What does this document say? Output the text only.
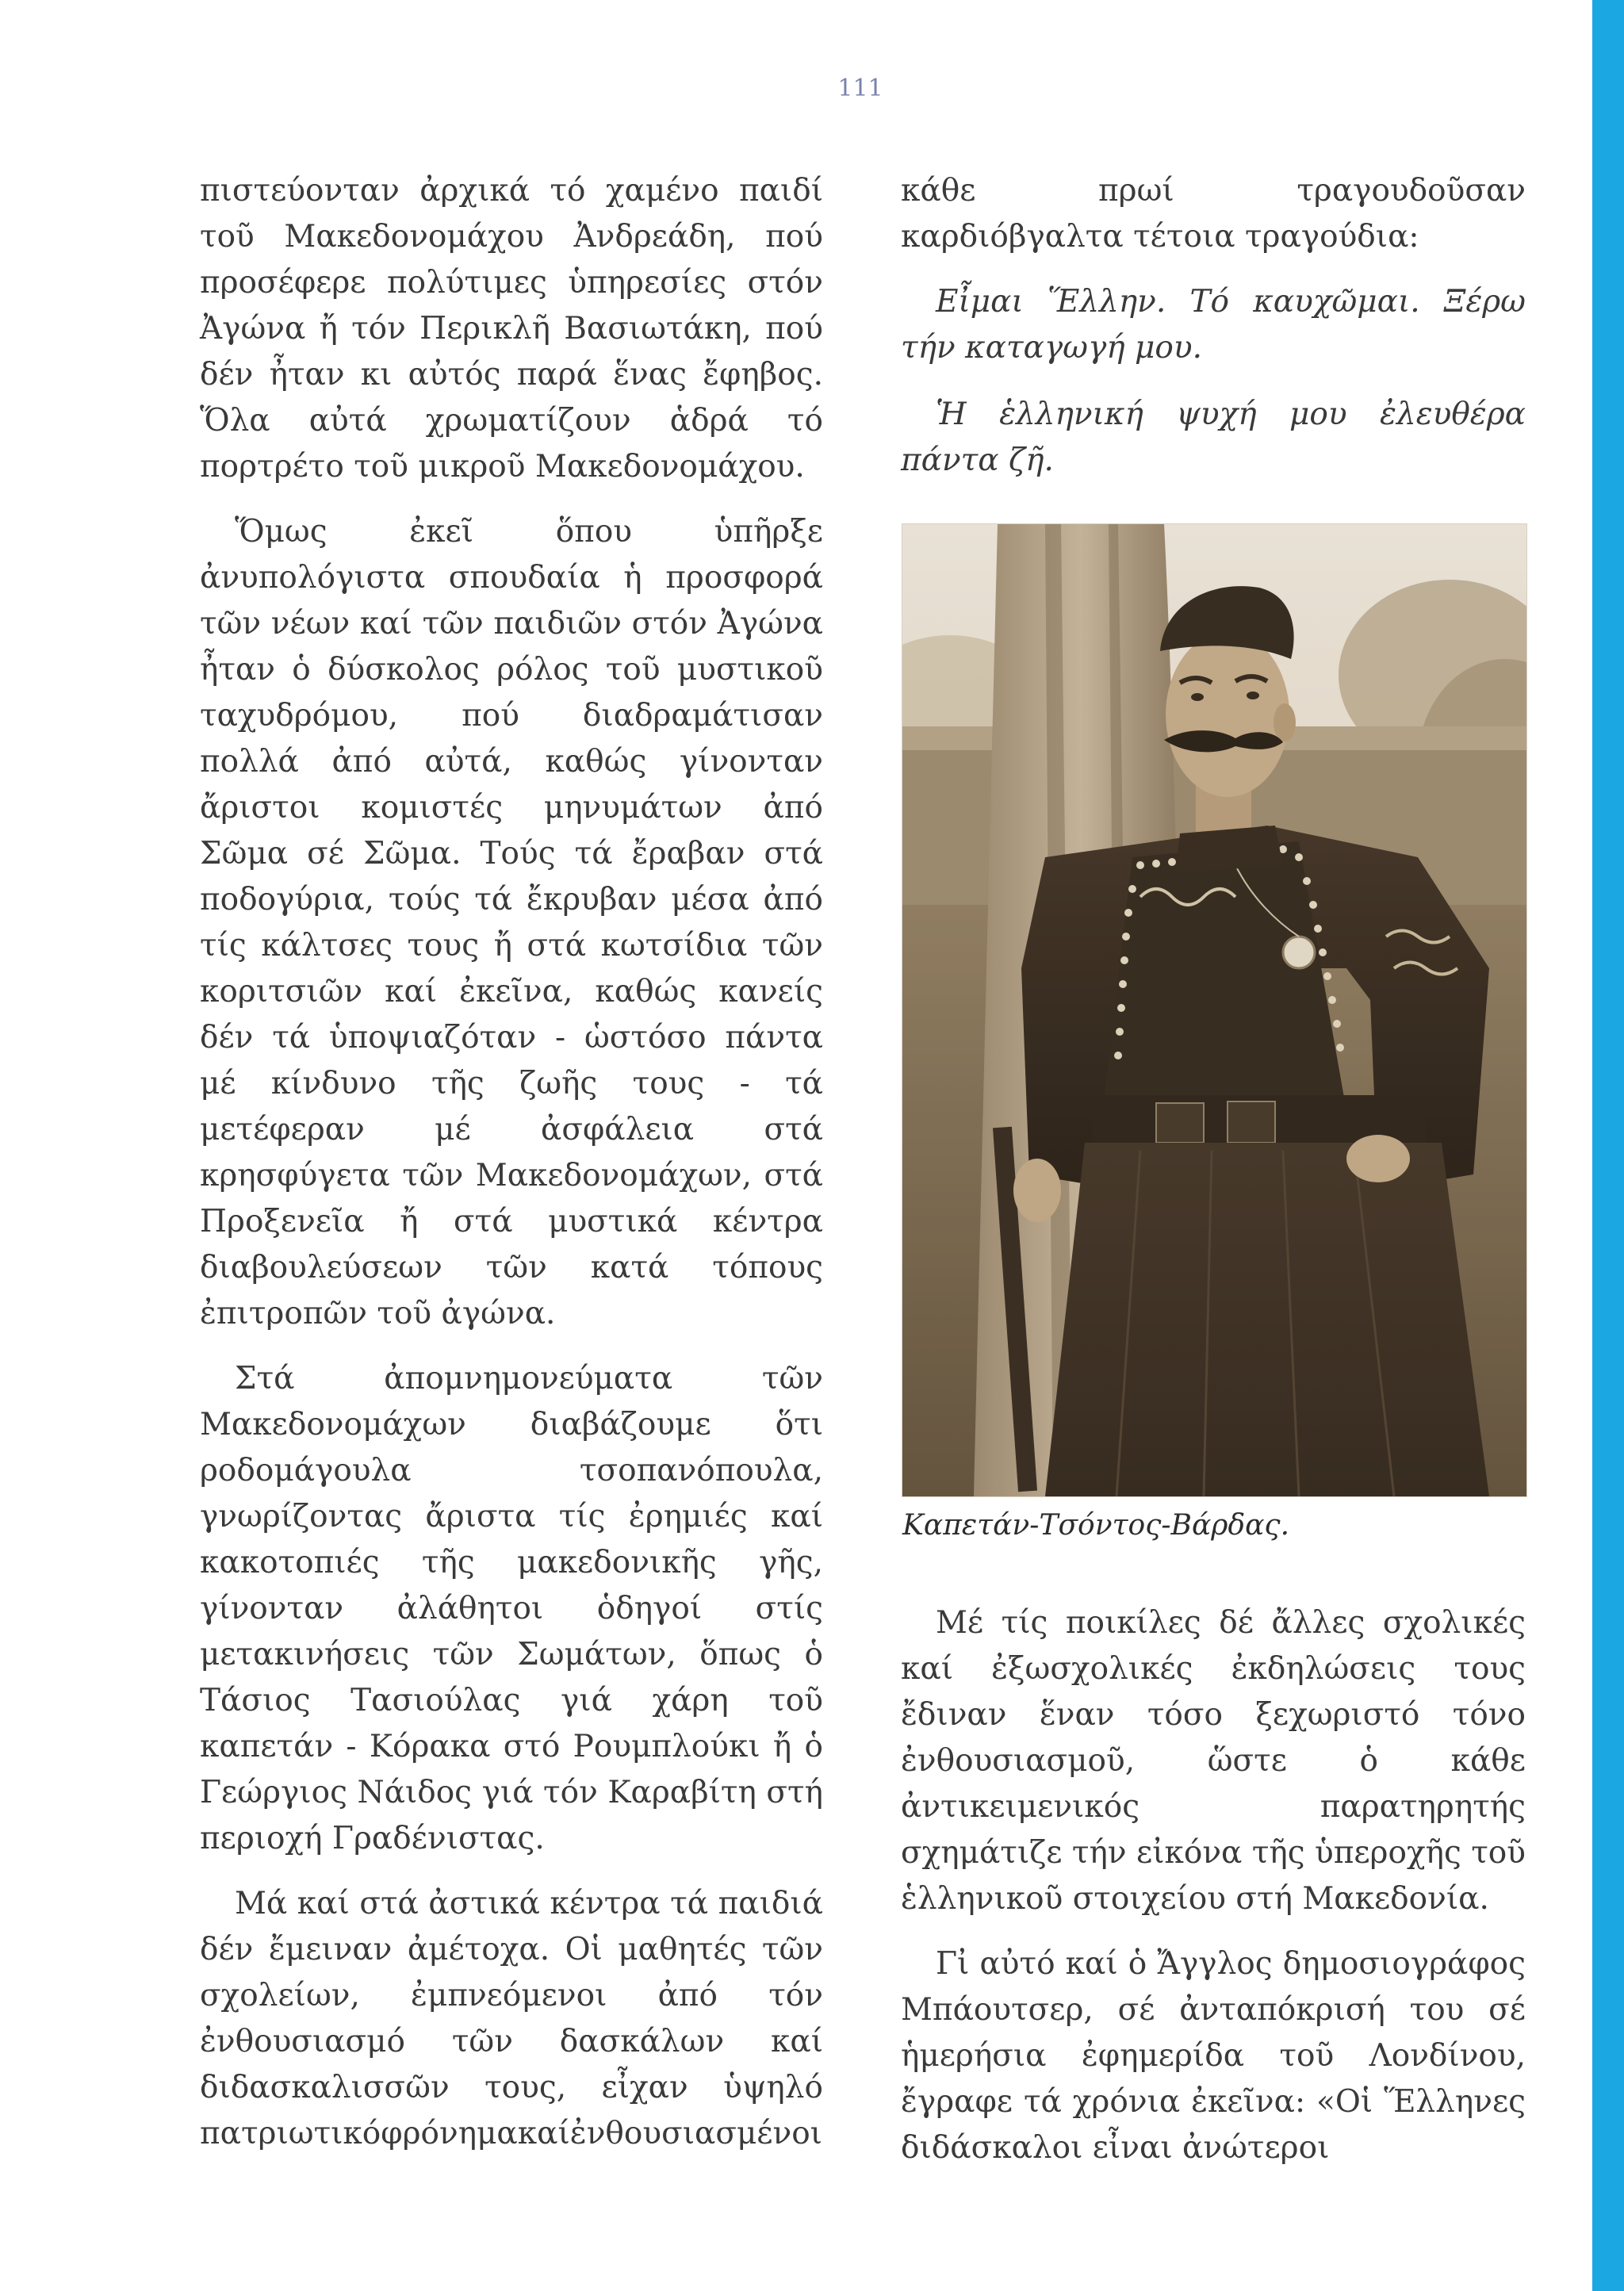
111

πιστεύονταν ἀρχικά τό χαμένο παιδί τοῦ Μακεδονομάχου Ἀνδρεάδη, πού προσέφερε πολύτιμες ὑπηρεσίες στόν Ἀγώνα ἤ τόν Περικλῆ Βασιωτάκη, πού δέν ἦταν κι αὐτός παρά ἕνας ἔφηβος. Ὅλα αὐτά χρωματίζουν ἁδρά τό πορτρέτο τοῦ μικροῦ Μακεδονομάχου.

Ὅμως ἐκεῖ ὅπου ὑπῆρξε ἀνυπολόγιστα σπουδαία ἡ προσφορά τῶν νέων καί τῶν παιδιῶν στόν Ἀγώνα ἦταν ὁ δύσκολος ρόλος τοῦ μυστικοῦ ταχυδρόμου, πού διαδραμάτισαν πολλά ἀπό αὐτά, καθώς γίνονταν ἄριστοι κομιστές μηνυμάτων ἀπό Σῶμα σέ Σῶμα. Τούς τά ἔραβαν στά ποδογύρια, τούς τά ἔκρυβαν μέσα ἀπό τίς κάλτσες τους ἤ στά κωτσίδια τῶν κοριτσιῶν καί ἐκεῖνα, καθώς κανείς δέν τά ὑποψιαζόταν - ὡστόσο πάντα μέ κίνδυνο τῆς ζωῆς τους - τά μετέφεραν μέ ἀσφάλεια στά κρησφύγετα τῶν Μακεδονομάχων, στά Προξενεῖα ἤ στά μυστικά κέντρα διαβουλεύσεων τῶν κατά τόπους ἐπιτροπῶν τοῦ ἀγώνα.

Στά ἀπομνημονεύματα τῶν Μακεδονομάχων διαβάζουμε ὅτι ροδομάγουλα τσοπανόπουλα, γνωρίζοντας ἄριστα τίς ἐρημιές καί κακοτοπιές τῆς μακεδονικῆς γῆς, γίνονταν ἀλάθητοι ὁδηγοί στίς μετακινήσεις τῶν Σωμάτων, ὅπως ὁ Τάσιος Τασιούλας γιά χάρη τοῦ καπετάν - Κόρακα στό Ρουμπλούκι ἤ ὁ Γεώργιος Νάιδος γιά τόν Καραβίτη στή περιοχή Γραδένιστας.

Μά καί στά ἀστικά κέντρα τά παιδιά δέν ἔμειναν ἀμέτοχα. Οἱ μαθητές τῶν σχολείων, ἐμπνεόμενοι ἀπό τόν ἐνθουσιασμό τῶν δασκάλων καί διδασκαλισσῶν τους, εἶχαν ὑψηλό πατριωτικόφρόνημακαίἐνθουσιασμένοι

κάθε πρωί τραγουδοῦσαν καρδιόβγαλτα τέτοια τραγούδια:

Εἶμαι Ἕλλην. Τό καυχῶμαι. Ξέρω τήν καταγωγή μου.

Ἡ ἑλληνική ψυχή μου ἐλευθέρα πάντα ζῆ.

Καπετάν-Τσόντος-Βάρδας.

Μέ τίς ποικίλες δέ ἄλλες σχολικές καί ἐξωσχολικές ἐκδηλώσεις τους ἔδιναν ἕναν τόσο ξεχωριστό τόνο ἐνθουσιασμοῦ, ὥστε ὁ κάθε ἀντικειμενικός παρατηρητής σχημάτιζε τήν εἰκόνα τῆς ὑπεροχῆς τοῦ ἑλληνικοῦ στοιχείου στή Μακεδονία.

Γἰ αὐτό καί ὁ Ἄγγλος δημοσιογράφος Μπάουτσερ, σέ ἀνταπόκρισή του σέ ἡμερήσια ἐφημερίδα τοῦ Λονδίνου, ἔγραφε τά χρόνια ἐκεῖνα: «Οἱ Ἕλληνες διδάσκαλοι εἶναι ἀνώτεροι
